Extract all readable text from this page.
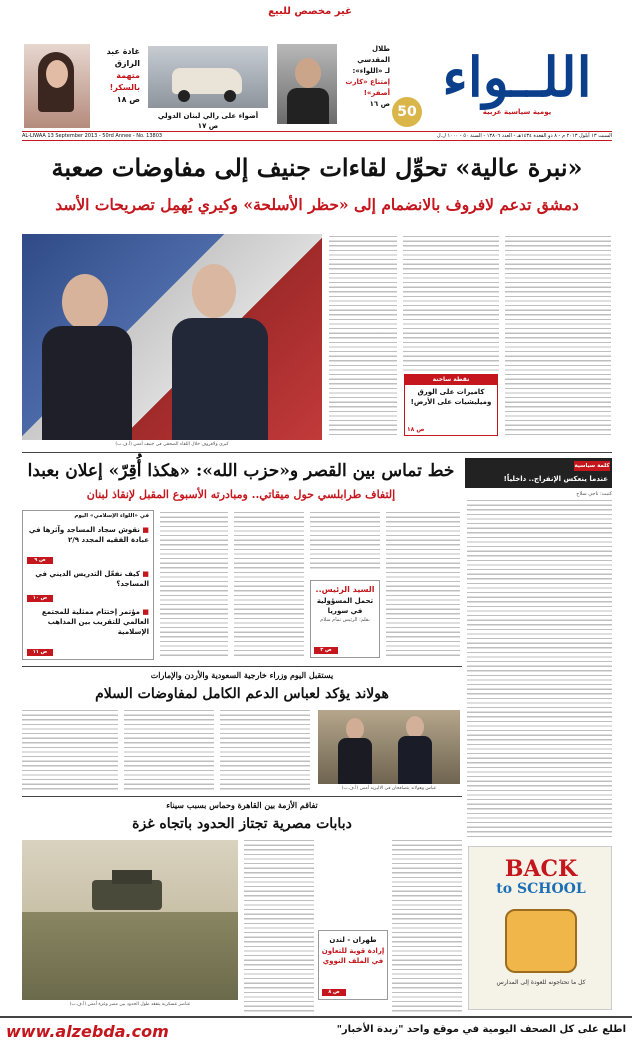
غير مخصص للبيع
اللــواء
يومية سياسية عربية
50
طلال المقدسي
لـ «اللواء»:
إمتناع «كارت أصفر»!
ص ١٦
أضواء على رالي لبنان الدولي
ص ١٧
غادة عبد الرازق
متهمة بالسكر!
ص ١٨
السبت ١٣ أيلول ٢٠١٣ م - ٨ ذو القعدة ١٤٣٤هـ - العدد ١٣٨٠٦ - السنة ٥٠ - ١٠٠٠ ل.ل
AL-LIWAA 13 September 2013 - 50rd Annee - No. 13803
«نبرة عالية» تحوِّل لقاءات جنيف إلى مفاوضات صعبة
دمشق تدعم لافروف بالانضمام إلى «حظر الأسلحة» وكيري يُهمِل تصريحات الأسد
كيري ولافروف خلال اللقاء الصحفي في جنيف أمس (أ.ف.ب)
نقطة ساخنة
كاميرات على الورق وميليشيات على الأرض!
ص ١٨
كلمة سياسية
عندما ينعكس الإنفراج.. داخلياً!
كتبت: ناجي سلاح
خط تماس بين القصر و«حزب الله»: «هكذا أُقِرّ» إعلان بعبدا
إلتفاف طرابلسي حول ميقاتي.. ومبادرته الأسبوع المقبل لإنقاذ لبنان
في «اللواء الإسلامي» اليوم
■ نقوش سجاد المساجد وآثرها في عبادة الفقيه المجدد ٢/٩
ص ٩
■ كيف نفعّل التدريس الديني في المساجد؟
ص ١٠
■ مؤتمر إختتام ممثلية للمجتمع العالمي للتقريب بين المذاهب الإسلامية
ص ١١
السيد الرئيس..
تحمل المسؤولية في سوريا
بقلم: الرئيس تمام سلام
ص ٣
يستقبل اليوم وزراء خارجية السعودية والأردن والإمارات
هولاند يؤكد لعباس الدعم الكامل لمفاوضات السلام
عباس وهولاند يتصافحان في الاليزيه أمس (أ.ف.ب)
تفاقم الأزمة بين القاهرة وحماس بسبب سيناء
دبابات مصرية تجتاز الحدود باتجاه غزة
عناصر عسكرية يتفقد طول الحدود بين مصر وغزة أمس (أ.ف.ب)
طهران - لندن
إرادة قوية للتعاون في الملف النووي
ص ٨
BACK
to SCHOOL
كل ما تحتاجونه للعودة إلى المدارس
www.alzebda.com	اطلع على كل الصحف اليومية في موقع واحد "زبدة الأخبار"
